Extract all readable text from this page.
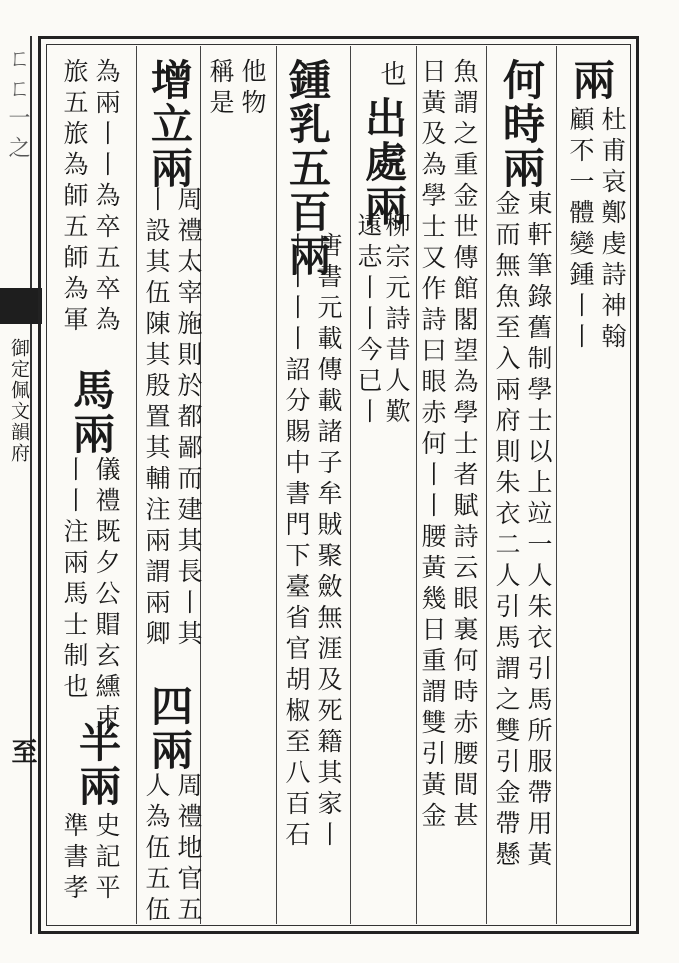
ㄈㄈ一之
御定佩文韻府
至
兩
杜甫哀鄭虔詩神翰
顧不一體變鍾丨丨
何時兩
東軒筆錄舊制學士以上竝一人朱衣引馬所服帶用黃
金而無魚至入兩府則朱衣二人引馬謂之雙引金帶懸
魚謂之重金世傳館閣望為學士者賦詩云眼裏何時赤腰間甚
日黃及為學士又作詩曰眼赤何丨丨腰黃幾日重謂雙引黃金
也
出處兩
柳宗元詩昔人歎
遠志丨丨今已丨
鍾乳五百兩
唐書元載傳載諸子牟賊聚斂無涯及死籍其家丨
丨丨丨丨詔分賜中書門下臺省官胡椒至八百石
他物
稱是
增立兩
周禮太宰施則於都鄙而建其長丨其
丨設其伍陳其殷置其輔注兩謂兩卿
四兩
周禮地官五
人為伍五伍
為兩丨丨為卒五卒為
旅五旅為師五師為軍
馬兩
儀禮既夕公賵玄纁束
丨丨注兩馬士制也
半兩
史記平
準書孝
